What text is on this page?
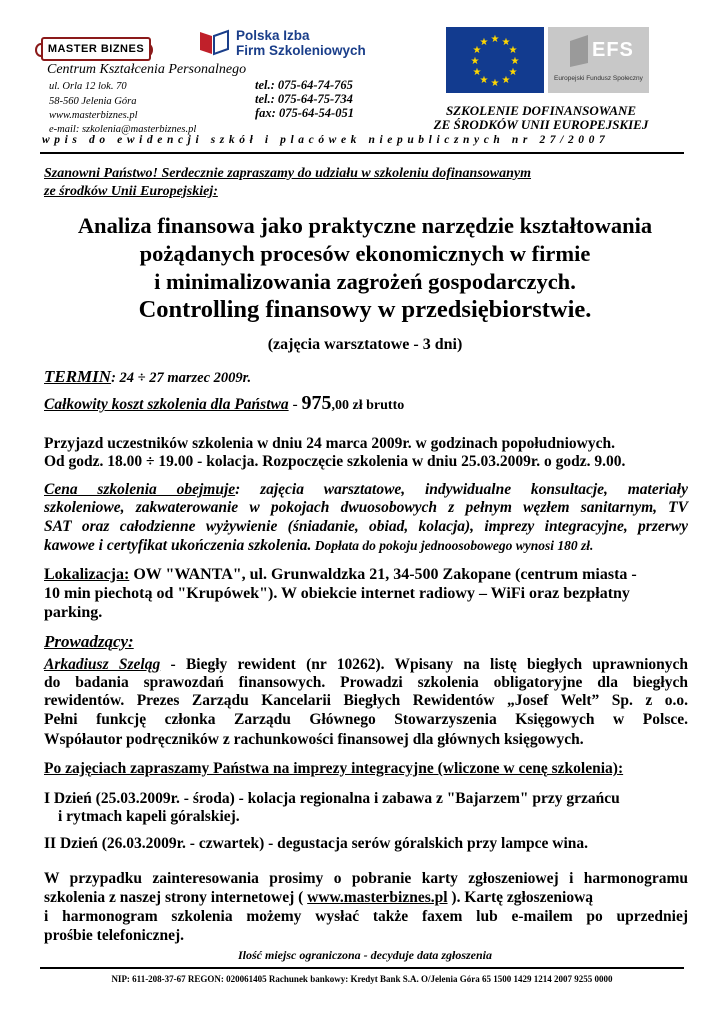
MASTER BIZNES
Polska Izba
Firm Szkoleniowych
★ ★
★
★
★
★
★
★
★
★
★
★	EFS
Europejski Fundusz Społeczny
Centrum Kształcenia Personalnego
ul. Orla 12 lok. 70
58-560 Jelenia Góra
www.masterbiznes.pl
e-mail: szkolenia@masterbiznes.pl
tel.: 075-64-74-765
tel.: 075-64-75-734
fax: 075-64-54-051	SZKOLENIE DOFINANSOWANE
ZE ŚRODKÓW UNII EUROPEJSKIEJ
wpis do ewidencji szkół i placówek niepublicznych nr 27/2007
Szanowni Państwo! Serdecznie zapraszamy do udziału w szkoleniu dofinansowanym
ze środków Unii Europejskiej:
Analiza finansowa jako praktyczne narzędzie kształtowania
pożądanych procesów ekonomicznych w firmie
i minimalizowania zagrożeń gospodarczych.
Controlling finansowy w przedsiębiorstwie.
(zajęcia warsztatowe - 3 dni)
TERMIN: 24 ÷ 27 marzec 2009r.
Całkowity koszt szkolenia dla Państwa - 975,00 zł brutto
Przyjazd uczestników szkolenia w dniu 24 marca 2009r. w godzinach popołudniowych.
Od godz. 18.00 ÷ 19.00 - kolacja. Rozpoczęcie szkolenia w dniu 25.03.2009r. o godz. 9.00.
Cena szkolenia obejmuje: zajęcia warsztatowe, indywidualne konsultacje, materiały
szkoleniowe, zakwaterowanie w pokojach dwuosobowych z pełnym węzłem sanitarnym, TV
SAT oraz całodzienne wyżywienie (śniadanie, obiad, kolacja), imprezy integracyjne, przerwy
kawowe i certyfikat ukończenia szkolenia. Dopłata do pokoju jednoosobowego wynosi 180 zł.
Lokalizacja: OW "WANTA", ul. Grunwaldzka 21, 34-500 Zakopane (centrum miasta -
10 min piechotą od "Krupówek"). W obiekcie internet radiowy – WiFi oraz bezpłatny
parking.
Prowadzący:
Arkadiusz Szeląg - Biegły rewident (nr 10262). Wpisany na listę biegłych uprawnionych
do badania sprawozdań finansowych. Prowadzi szkolenia obligatoryjne dla biegłych
rewidentów. Prezes Zarządu Kancelarii Biegłych Rewidentów „Josef Welt” Sp. z o.o.
Pełni funkcję członka Zarządu Głównego Stowarzyszenia Księgowych w Polsce.
Współautor podręczników z rachunkowości finansowej dla głównych księgowych.
Po zajęciach zapraszamy Państwa na imprezy integracyjne (wliczone w cenę szkolenia):
I Dzień (25.03.2009r. - środa) - kolacja regionalna i zabawa z "Bajarzem" przy grzańcu
i rytmach kapeli góralskiej.
II Dzień (26.03.2009r. - czwartek) - degustacja serów góralskich przy lampce wina.
W przypadku zainteresowania prosimy o pobranie karty zgłoszeniowej i harmonogramu
szkolenia z naszej strony internetowej ( www.masterbiznes.pl ). Kartę zgłoszeniową
i harmonogram szkolenia możemy wysłać także faxem lub e-mailem po uprzedniej
prośbie telefonicznej.
Ilość miejsc ograniczona - decyduje data zgłoszenia
NIP: 611-208-37-67 REGON: 020061405 Rachunek bankowy: Kredyt Bank S.A. O/Jelenia Góra 65 1500 1429 1214 2007 9255 0000
